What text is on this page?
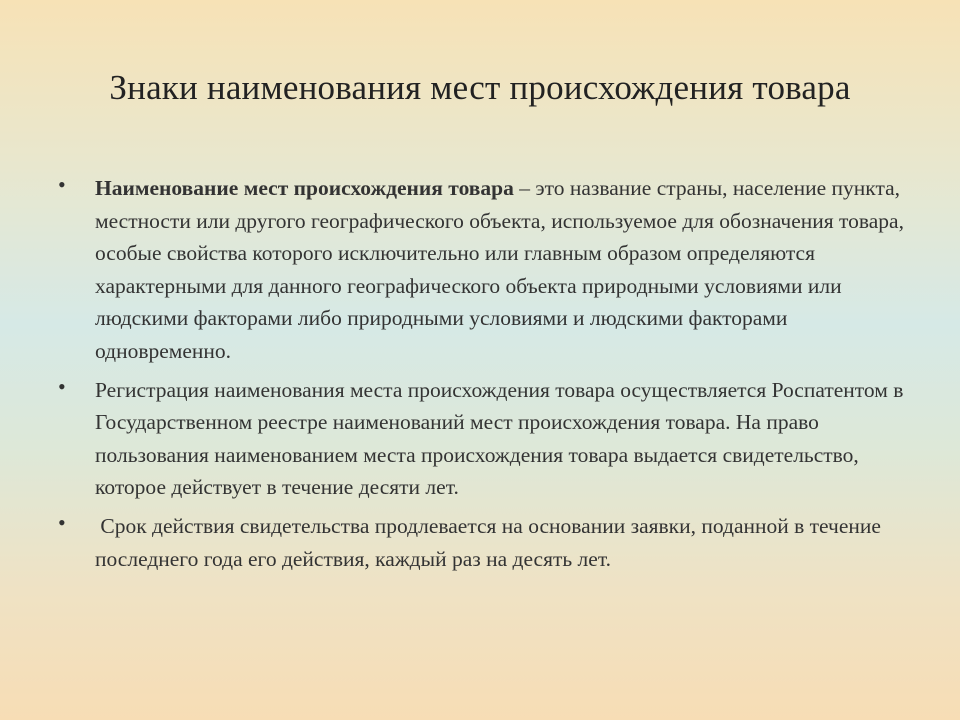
Знаки наименования мест происхождения товара
• Наименование мест происхождения товара – это название страны, население пункта, местности или другого географического объекта, используемое для обозначения товара, особые свойства которого исключительно или главным образом определяются характерными для данного географического объекта природными условиями или людскими факторами либо природными условиями и людскими факторами одновременно.
• Регистрация наименования места происхождения товара осуществляется Роспатентом в Государственном реестре наименований мест происхождения товара. На право пользования наименованием места происхождения товара выдается свидетельство, которое действует в течение десяти лет.
• Срок действия свидетельства продлевается на основании заявки, поданной в течение последнего года его действия, каждый раз на десять лет.
